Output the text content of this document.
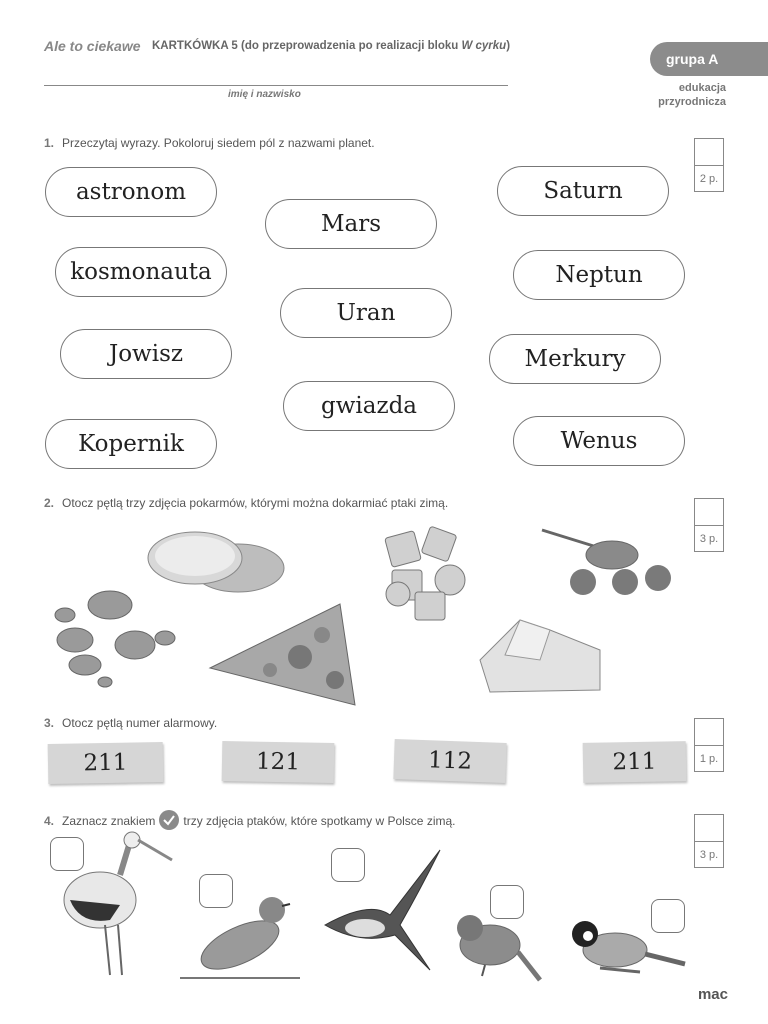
Ale to ciekawe KARTKÓWKA 5 (do przeprowadzenia po realizacji bloku W cyrku)
imię i nazwisko
grupa A
edukacja
przyrodnicza
1. Przeczytaj wyrazy. Pokoloruj siedem pól z nazwami planet.
2 p.
astronom
kosmonauta
Jowisz
Kopernik
Mars
Uran
gwiazda
Saturn
Neptun
Merkury
Wenus
2. Otocz pętlą trzy zdjęcia pokarmów, którymi można dokarmiać ptaki zimą.
3 p.
3. Otocz pętlą numer alarmowy.
1 p.
211	121	112	211
4. Zaznacz znakiem trzy zdjęcia ptaków, które spotkamy w Polsce zimą.
3 p.
mac
